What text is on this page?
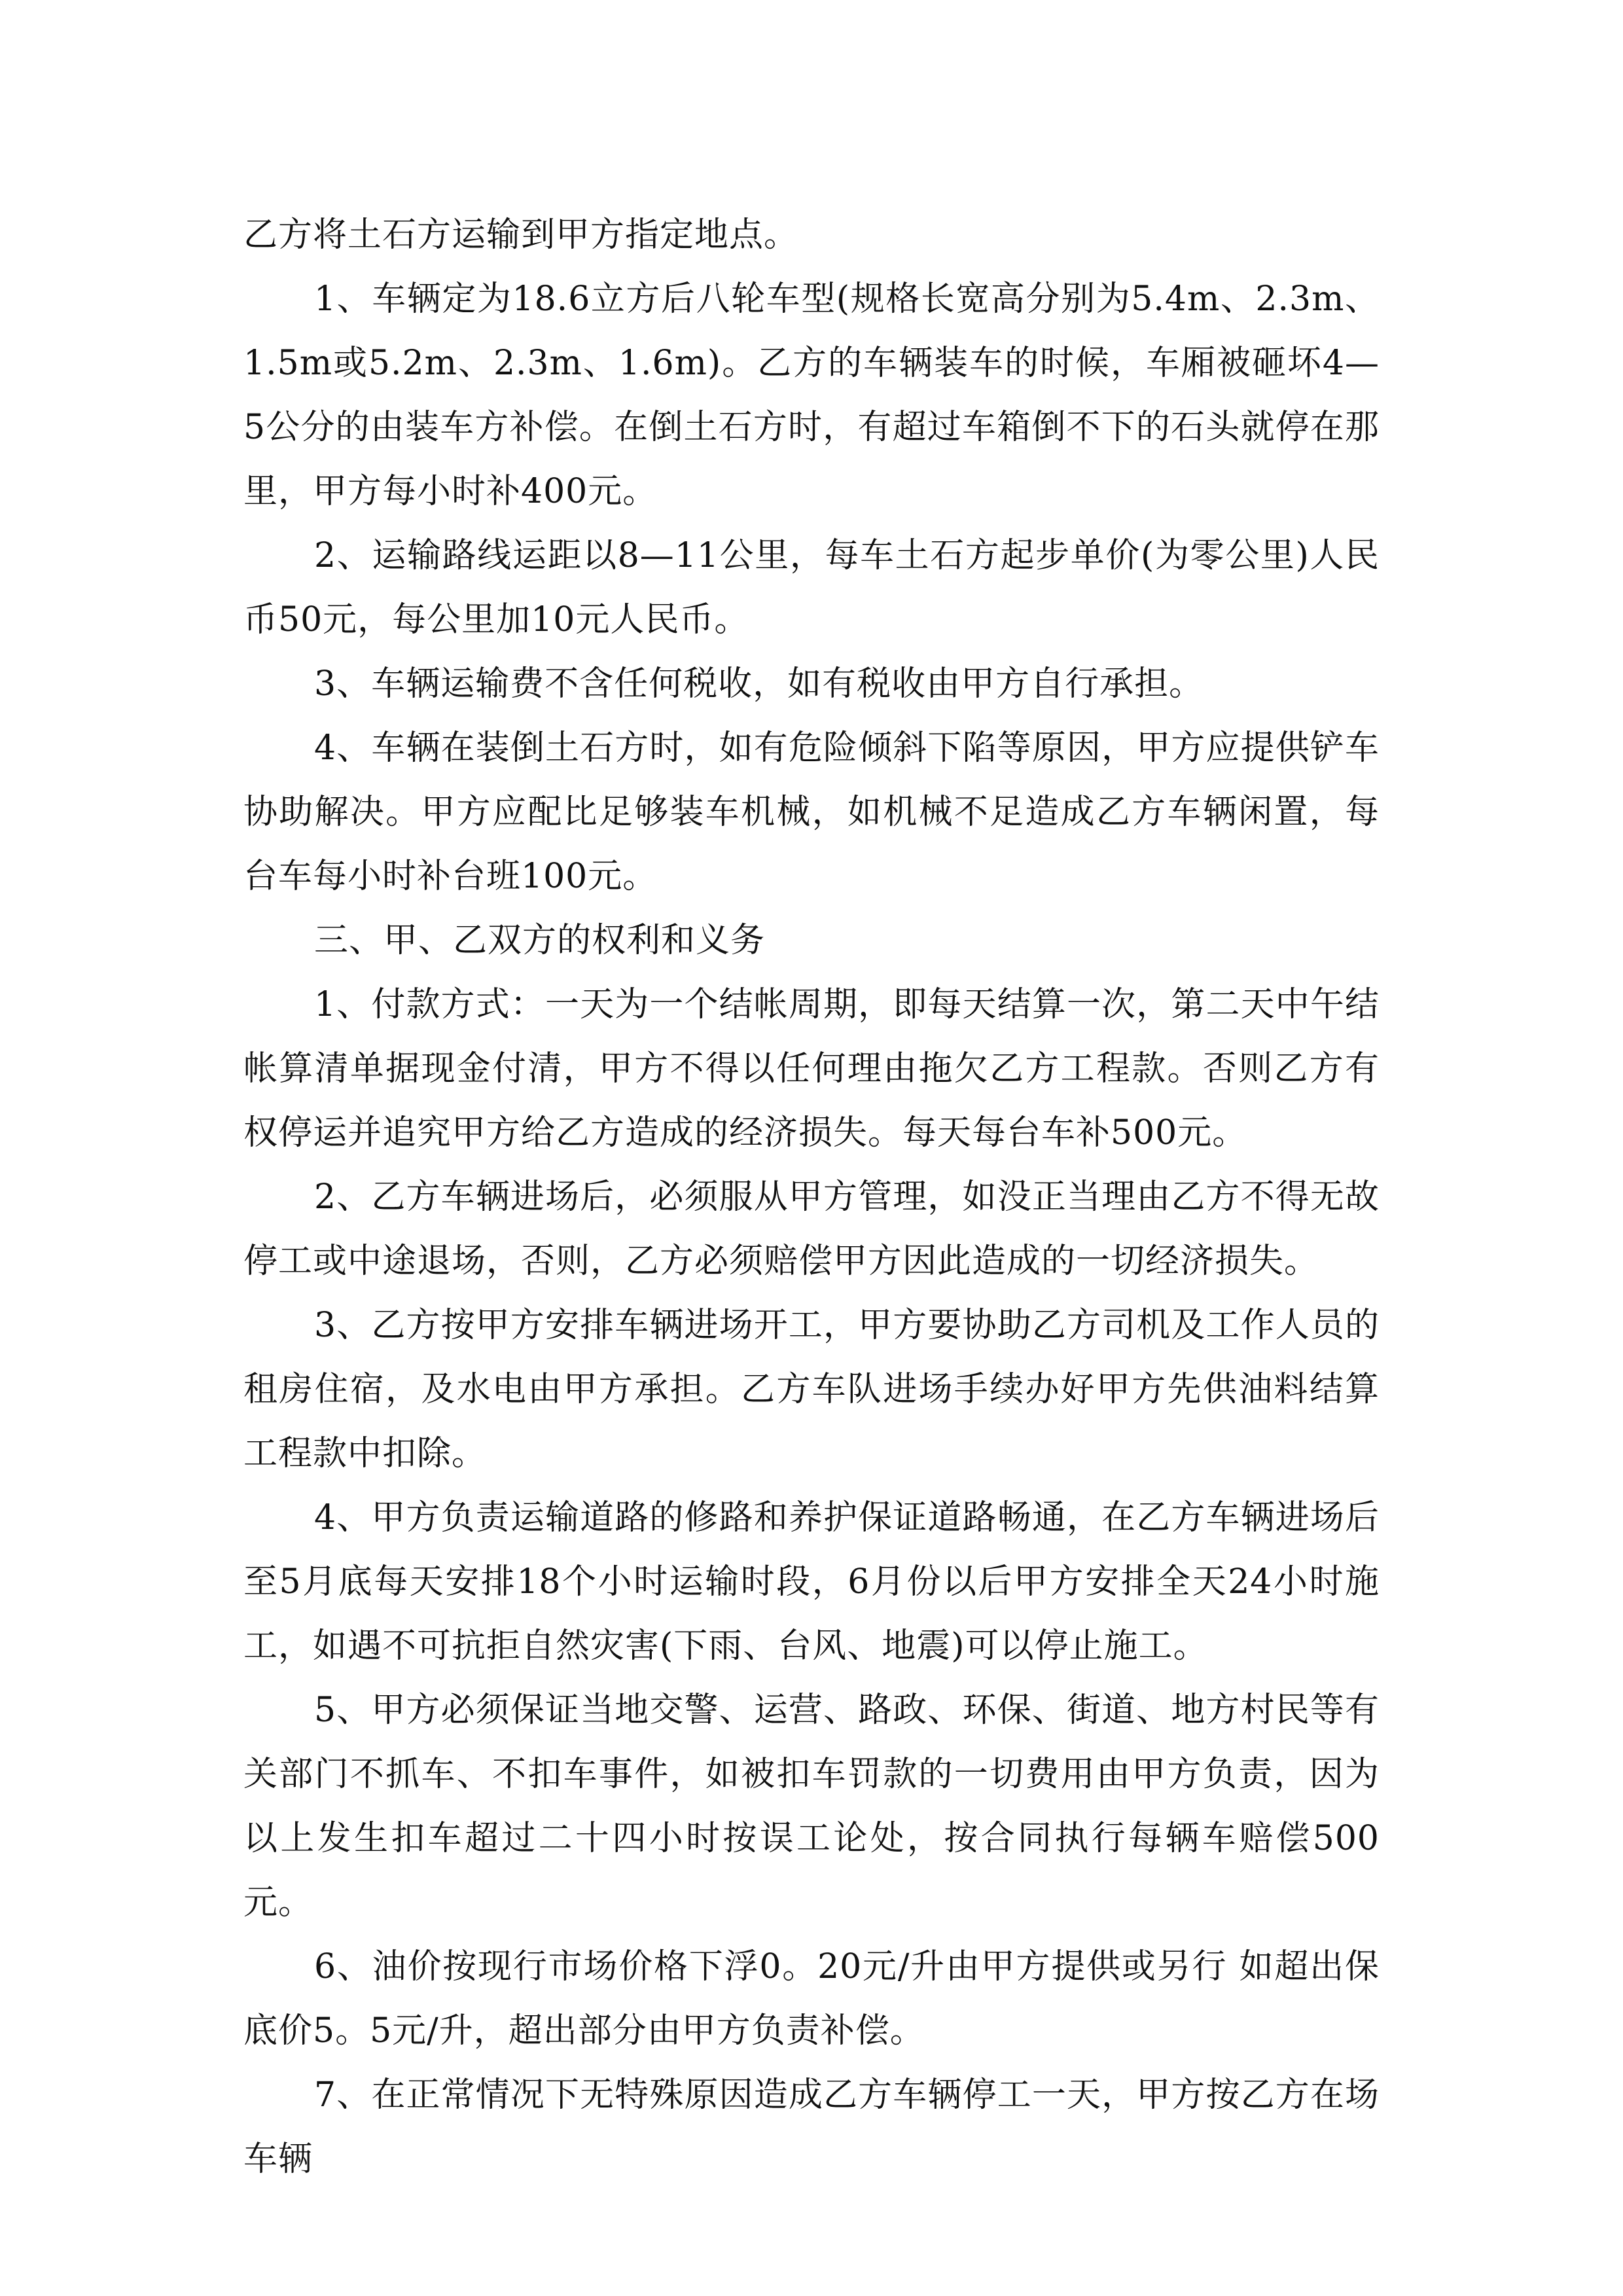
乙方将土石方运输到甲方指定地点。

1、车辆定为18.6立方后八轮车型(规格长宽高分别为5.4m、2.3m、1.5m或5.2m、2.3m、1.6m)。乙方的车辆装车的时候，车厢被砸坏4—5公分的由装车方补偿。在倒土石方时，有超过车箱倒不下的石头就停在那里，甲方每小时补400元。

2、运输路线运距以8—11公里，每车土石方起步单价(为零公里)人民币50元，每公里加10元人民币。

3、车辆运输费不含任何税收，如有税收由甲方自行承担。

4、车辆在装倒土石方时，如有危险倾斜下陷等原因，甲方应提供铲车协助解决。甲方应配比足够装车机械，如机械不足造成乙方车辆闲置，每台车每小时补台班100元。

三、甲、乙双方的权利和义务

1、付款方式：一天为一个结帐周期，即每天结算一次，第二天中午结帐算清单据现金付清，甲方不得以任何理由拖欠乙方工程款。否则乙方有权停运并追究甲方给乙方造成的经济损失。每天每台车补500元。

2、乙方车辆进场后，必须服从甲方管理，如没正当理由乙方不得无故停工或中途退场，否则，乙方必须赔偿甲方因此造成的一切经济损失。

3、乙方按甲方安排车辆进场开工，甲方要协助乙方司机及工作人员的租房住宿，及水电由甲方承担。乙方车队进场手续办好甲方先供油料结算工程款中扣除。

4、甲方负责运输道路的修路和养护保证道路畅通，在乙方车辆进场后至5月底每天安排18个小时运输时段，6月份以后甲方安排全天24小时施工，如遇不可抗拒自然灾害(下雨、台风、地震)可以停止施工。

5、甲方必须保证当地交警、运营、路政、环保、街道、地方村民等有关部门不抓车、不扣车事件，如被扣车罚款的一切费用由甲方负责，因为以上发生扣车超过二十四小时按误工论处，按合同执行每辆车赔偿500元。

6、油价按现行市场价格下浮0。20元/升由甲方提供或另行 如超出保底价5。5元/升，超出部分由甲方负责补偿。

7、在正常情况下无特殊原因造成乙方车辆停工一天，甲方按乙方在场车辆
